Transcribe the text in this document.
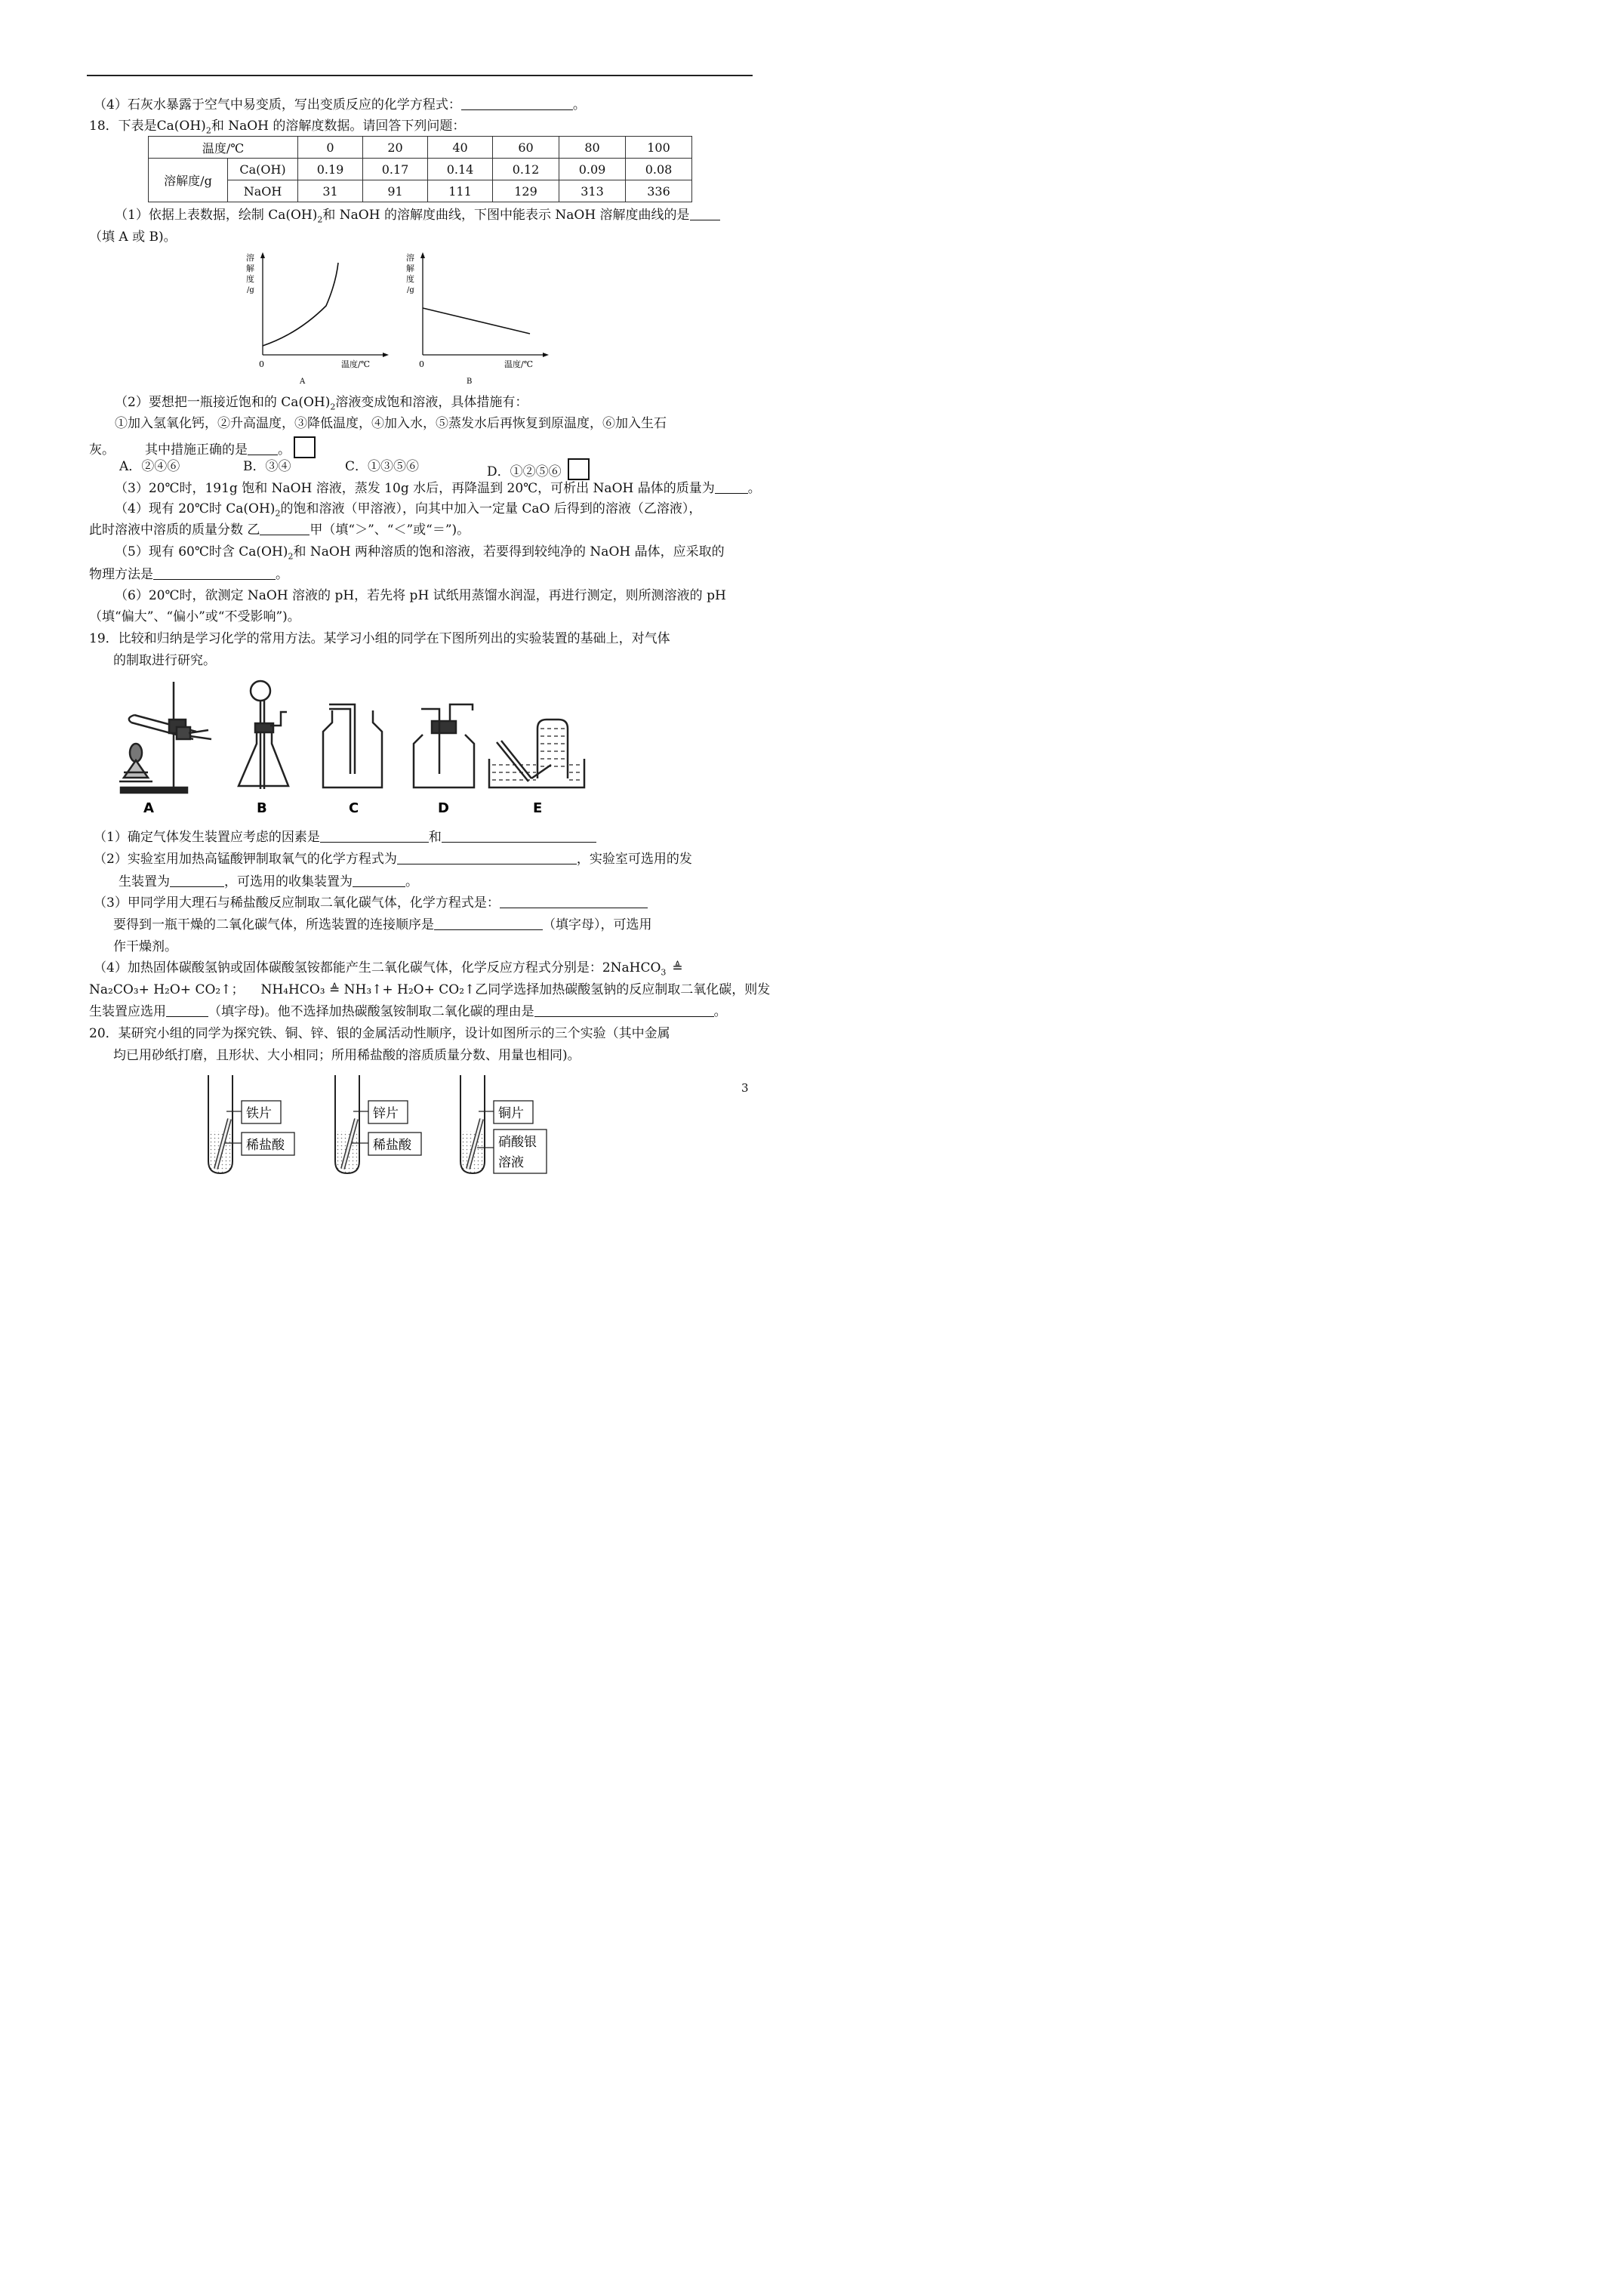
（4）石灰水暴露于空气中易变质，写出变质反应的化学方程式：	。
18．下表是$Ca(OH)_2$和 NaOH 的溶解度数据。请回答下列问题：
温度/℃		0	20	40	60	80	100
溶解度/g	Ca(OH)	0.19	0.17	0.14	0.12	0.09	0.08
	NaOH	31	91	111	129	313	336
（1）依据上表数据，绘制 $Ca(OH)_2$和 NaOH 的溶解度曲线，下图中能表示 NaOH 溶解度曲线的是
（填 A 或 B)。
溶
解
度
/g
0	温度/℃
A
溶
解
度
/g
0	温度/℃
B
（2）要想把一瓶接近饱和的 $Ca(OH)_2$溶液变成饱和溶液，具体措施有：
①加入氢氧化钙，②升高温度，③降低温度，④加入水，⑤蒸发水后再恢复到原温度，⑥加入生石
灰。 其中措施正确的是 。
A．②④⑥	B．③④	C．①③⑤⑥	D．①②⑤⑥
（3）20℃时，191g 饱和 NaOH 溶液，蒸发 10g 水后，再降温到 20℃，可析出 NaOH 晶体的质量为	。
（4）现有 20℃时 $Ca(OH)_2$的饱和溶液（甲溶液），向其中加入一定量 CaO 后得到的溶液（乙溶液），
此时溶液中溶质的质量分数 乙	甲（填“＞”、“＜”或“＝”)。
（5）现有 60℃时含 $Ca(OH)_2$和 NaOH 两种溶质的饱和溶液，若要得到较纯净的 NaOH 晶体，应采取的
物理方法是	。
（6）20℃时，欲测定 NaOH 溶液的 pH，若先将 pH 试纸用蒸馏水润湿，再进行测定，则所测溶液的 pH
（填“偏大”、“偏小”或“不受影响”)。
19．比较和归纳是学习化学的常用方法。某学习小组的同学在下图所列出的实验装置的基础上，对气体
的制取进行研究。
A	B	C	D	E
（1）确定气体发生装置应考虑的因素是	和
（2）实验室用加热高锰酸钾制取氧气的化学方程式为	，实验室可选用的发
生装置为	，可选用的收集装置为	。
（3）甲同学用大理石与稀盐酸反应制取二氧化碳气体，化学方程式是：
要得到一瓶干燥的二氧化碳气体，所选装置的连接顺序是	（填字母），可选用
作干燥剂。
（4）加热固体碳酸氢钠或固体碳酸氢铵都能产生二氧化碳气体，化学反应方程式分别是：2NaHCO$_3$ ≜
Na₂CO₃+ H₂O+ CO₂↑； NH₄HCO₃ ≜ NH₃↑+ H₂O+ CO₂↑乙同学选择加热碳酸氢钠的反应制取二氧化碳，则发
生装置应选用	（填字母)。他不选择加热碳酸氢铵制取二氧化碳的理由是	。
20．某研究小组的同学为探究铁、铜、锌、银的金属活动性顺序，设计如图所示的三个实验（其中金属
均已用砂纸打磨，且形状、大小相同；所用稀盐酸的溶质质量分数、用量也相同)。
铁片
稀盐酸
锌片
稀盐酸
铜片
硝酸银
溶液
3
